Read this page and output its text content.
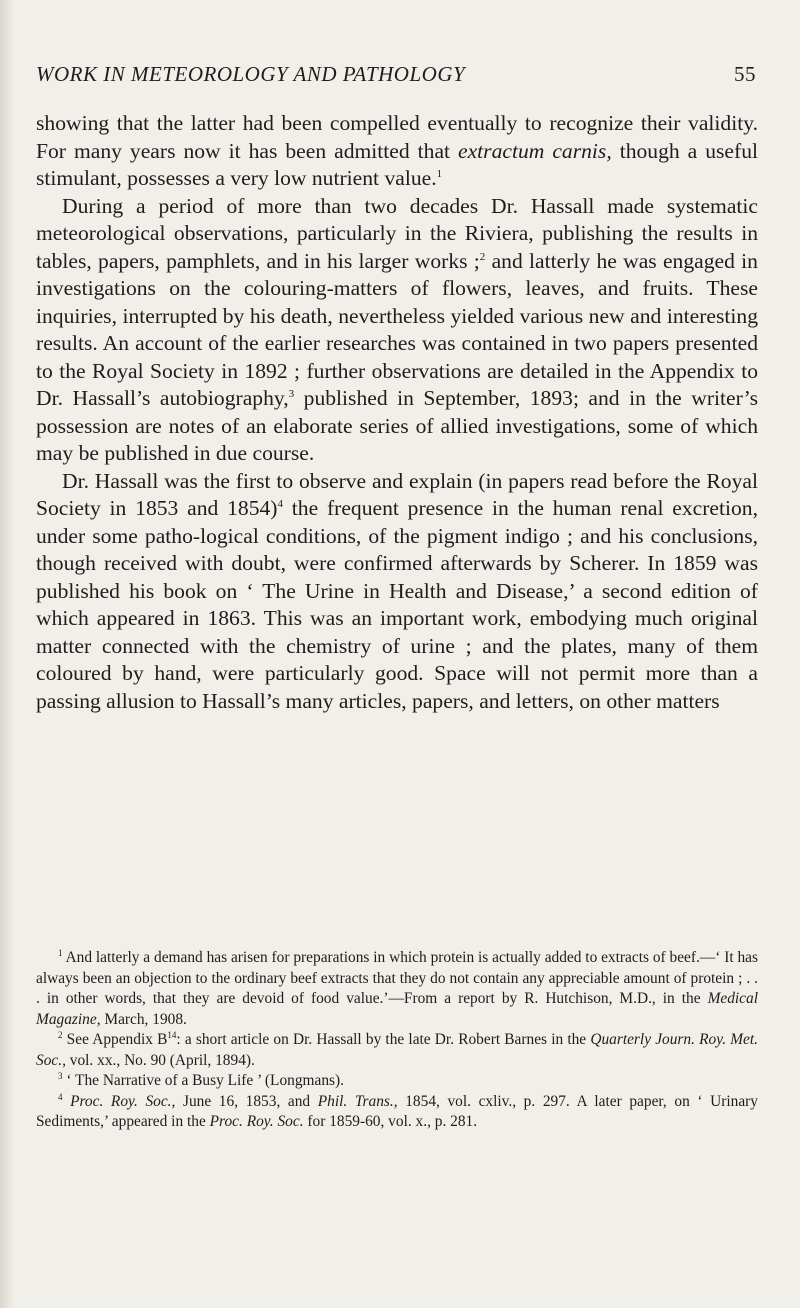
WORK IN METEOROLOGY AND PATHOLOGY	55

showing that the latter had been compelled eventually to recognize their validity. For many years now it has been admitted that extractum carnis, though a useful stimulant, possesses a very low nutrient value.$^1$

During a period of more than two decades Dr. Hassall made systematic meteorological observations, particularly in the Riviera, publishing the results in tables, papers, pamphlets, and in his larger works ;$^2$ and latterly he was engaged in investigations on the colouring-matters of flowers, leaves, and fruits. These inquiries, interrupted by his death, nevertheless yielded various new and interesting results. An account of the earlier researches was contained in two papers presented to the Royal Society in 1892 ; further observations are detailed in the Appendix to Dr. Hassall’s autobiography,$^3$ published in September, 1893; and in the writer’s possession are notes of an elaborate series of allied investigations, some of which may be published in due course.

Dr. Hassall was the first to observe and explain (in papers read before the Royal Society in 1853 and 1854)$^4$ the frequent presence in the human renal excretion, under some patho-logical conditions, of the pigment indigo ; and his conclusions, though received with doubt, were confirmed afterwards by Scherer. In 1859 was published his book on ‘ The Urine in Health and Disease,’ a second edition of which appeared in 1863. This was an important work, embodying much original matter connected with the chemistry of urine ; and the plates, many of them coloured by hand, were particularly good. Space will not permit more than a passing allusion to Hassall’s many articles, papers, and letters, on other matters

$^1$ And latterly a demand has arisen for preparations in which protein is actually added to extracts of beef.—‘ It has always been an objection to the ordinary beef extracts that they do not contain any appreciable amount of protein ; . . . in other words, that they are devoid of food value.’—From a report by R. Hutchison, M.D., in the Medical Magazine, March, 1908.

$^2$ See Appendix $B^{14}$: a short article on Dr. Hassall by the late Dr. Robert Barnes in the Quarterly Journ. Roy. Met. Soc., vol. xx., No. 90 (April, 1894).

$^3$ ‘ The Narrative of a Busy Life ’ (Longmans).

$^4$ Proc. Roy. Soc., June 16, 1853, and Phil. Trans., 1854, vol. cxliv., p. 297. A later paper, on ‘ Urinary Sediments,’ appeared in the Proc. Roy. Soc. for 1859-60, vol. x., p. 281.
